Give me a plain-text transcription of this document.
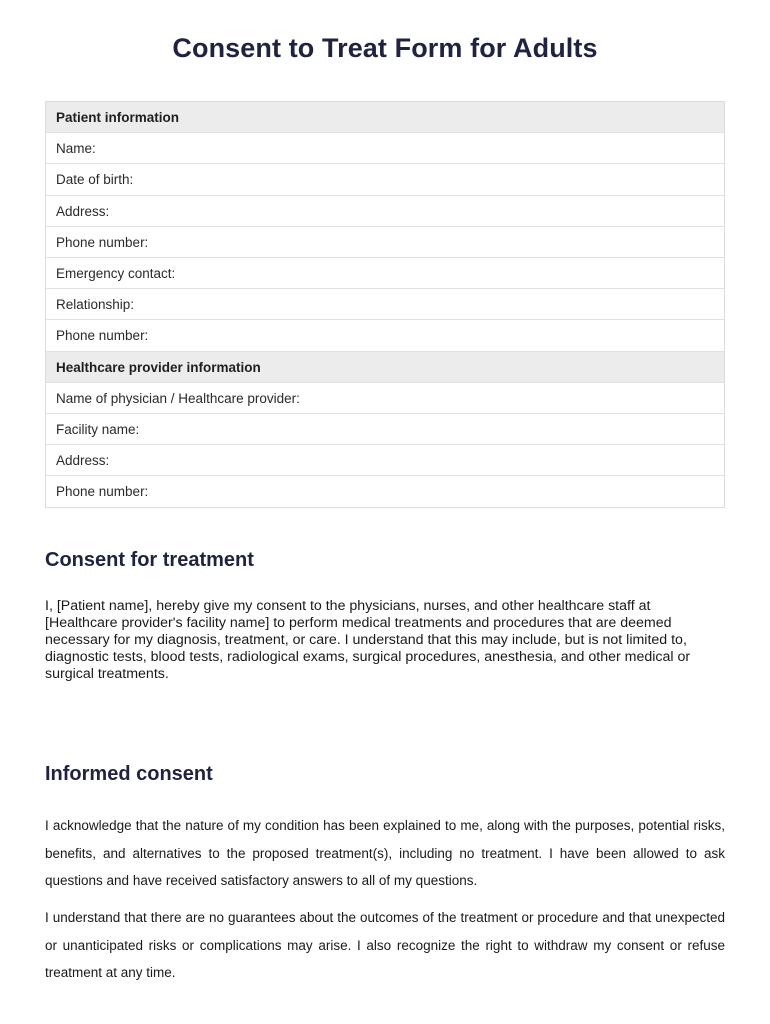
Consent to Treat Form for Adults
Patient information
Name:
Date of birth:
Address:
Phone number:
Emergency contact:
Relationship:
Phone number:
Healthcare provider information
Name of physician / Healthcare provider:
Facility name:
Address:
Phone number:
Consent for treatment
I, [Patient name], hereby give my consent to the physicians, nurses, and other healthcare staff at [Healthcare provider's facility name] to perform medical treatments and procedures that are deemed necessary for my diagnosis, treatment, or care. I understand that this may include, but is not limited to, diagnostic tests, blood tests, radiological exams, surgical procedures, anesthesia, and other medical or surgical treatments.
Informed consent
I acknowledge that the nature of my condition has been explained to me, along with the purposes, potential risks, benefits, and alternatives to the proposed treatment(s), including no treatment. I have been allowed to ask questions and have received satisfactory answers to all of my questions.
I understand that there are no guarantees about the outcomes of the treatment or procedure and that unexpected or unanticipated risks or complications may arise. I also recognize the right to withdraw my consent or refuse treatment at any time.
